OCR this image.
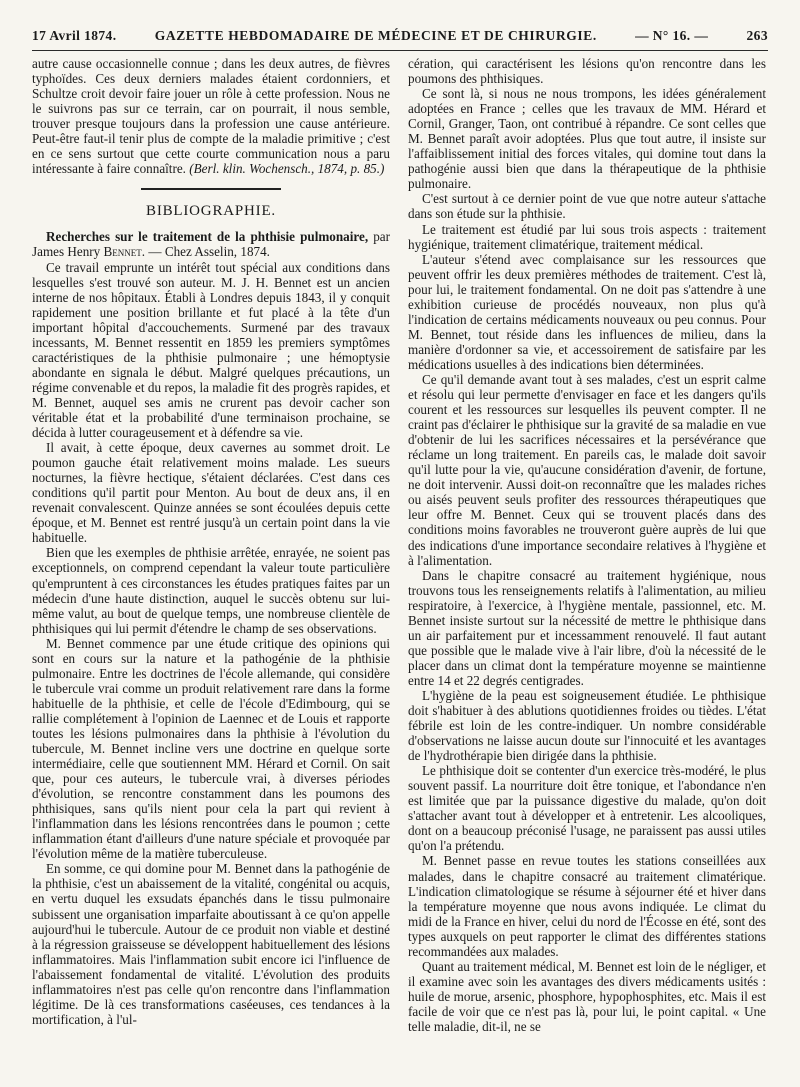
17 Avril 1874.	GAZETTE HEBDOMADAIRE DE MÉDECINE ET DE CHIRURGIE.	— N° 16. —	263

autre cause occasionnelle connue ; dans les deux autres, de fièvres typhoïdes. Ces deux derniers malades étaient cordonniers, et Schultze croit devoir faire jouer un rôle à cette profession. Nous ne le suivrons pas sur ce terrain, car on pourrait, il nous semble, trouver presque toujours dans la profession une cause antérieure. Peut-être faut-il tenir plus de compte de la maladie primitive ; c'est en ce sens surtout que cette courte communication nous a paru intéressante à faire connaître. (Berl. klin. Wochensch., 1874, p. 85.)

BIBLIOGRAPHIE.

Recherches sur le traitement de la phthisie pulmonaire, par James Henry Bennet. — Chez Asselin, 1874.

Ce travail emprunte un intérêt tout spécial aux conditions dans lesquelles s'est trouvé son auteur. M. J. H. Bennet est un ancien interne de nos hôpitaux. Établi à Londres depuis 1843, il y conquit rapidement une position brillante et fut placé à la tête d'un important hôpital d'accouchements. Surmené par des travaux incessants, M. Bennet ressentit en 1859 les premiers symptômes caractéristiques de la phthisie pulmonaire ; une hémoptysie abondante en signala le début. Malgré quelques précautions, un régime convenable et du repos, la maladie fit des progrès rapides, et M. Bennet, auquel ses amis ne crurent pas devoir cacher son véritable état et la probabilité d'une terminaison prochaine, se décida à lutter courageusement et à défendre sa vie.

Il avait, à cette époque, deux cavernes au sommet droit. Le poumon gauche était relativement moins malade. Les sueurs nocturnes, la fièvre hectique, s'étaient déclarées. C'est dans ces conditions qu'il partit pour Menton. Au bout de deux ans, il en revenait convalescent. Quinze années se sont écoulées depuis cette époque, et M. Bennet est rentré jusqu'à un certain point dans la vie habituelle.

Bien que les exemples de phthisie arrêtée, enrayée, ne soient pas exceptionnels, on comprend cependant la valeur toute particulière qu'empruntent à ces circonstances les études pratiques faites par un médecin d'une haute distinction, auquel le succès obtenu sur lui-même valut, au bout de quelque temps, une nombreuse clientèle de phthisiques qui lui permit d'étendre le champ de ses observations.

M. Bennet commence par une étude critique des opinions qui sont en cours sur la nature et la pathogénie de la phthisie pulmonaire. Entre les doctrines de l'école allemande, qui considère le tubercule vrai comme un produit relativement rare dans la forme habituelle de la phthisie, et celle de l'école d'Edimbourg, qui se rallie complétement à l'opinion de Laennec et de Louis et rapporte toutes les lésions pulmonaires dans la phthisie à l'évolution du tubercule, M. Bennet incline vers une doctrine en quelque sorte intermédiaire, celle que soutiennent MM. Hérard et Cornil. On sait que, pour ces auteurs, le tubercule vrai, à diverses périodes d'évolution, se rencontre constamment dans les poumons des phthisiques, sans qu'ils nient pour cela la part qui revient à l'inflammation dans les lésions rencontrées dans le poumon ; cette inflammation étant d'ailleurs d'une nature spéciale et provoquée par l'évolution même de la matière tuberculeuse.

En somme, ce qui domine pour M. Bennet dans la pathogénie de la phthisie, c'est un abaissement de la vitalité, congénital ou acquis, en vertu duquel les exsudats épanchés dans le tissu pulmonaire subissent une organisation imparfaite aboutissant à ce qu'on appelle aujourd'hui le tubercule. Autour de ce produit non viable et destiné à la régression graisseuse se développent habituellement des lésions inflammatoires. Mais l'inflammation subit encore ici l'influence de l'abaissement fondamental de vitalité. L'évolution des produits inflammatoires n'est pas celle qu'on rencontre dans l'inflammation légitime. De là ces transformations caséeuses, ces tendances à la mortification, à l'ul-

cération, qui caractérisent les lésions qu'on rencontre dans les poumons des phthisiques.

Ce sont là, si nous ne nous trompons, les idées généralement adoptées en France ; celles que les travaux de MM. Hérard et Cornil, Granger, Taon, ont contribué à répandre. Ce sont celles que M. Bennet paraît avoir adoptées. Plus que tout autre, il insiste sur l'affaiblissement initial des forces vitales, qui domine tout dans la pathogénie aussi bien que dans la thérapeutique de la phthisie pulmonaire.

C'est surtout à ce dernier point de vue que notre auteur s'attache dans son étude sur la phthisie.

Le traitement est étudié par lui sous trois aspects : traitement hygiénique, traitement climatérique, traitement médical.

L'auteur s'étend avec complaisance sur les ressources que peuvent offrir les deux premières méthodes de traitement. C'est là, pour lui, le traitement fondamental. On ne doit pas s'attendre à une exhibition curieuse de procédés nouveaux, non plus qu'à l'indication de certains médicaments nouveaux ou peu connus. Pour M. Bennet, tout réside dans les influences de milieu, dans la manière d'ordonner sa vie, et accessoirement de satisfaire par les médications usuelles à des indications bien déterminées.

Ce qu'il demande avant tout à ses malades, c'est un esprit calme et résolu qui leur permette d'envisager en face et les dangers qu'ils courent et les ressources sur lesquelles ils peuvent compter. Il ne craint pas d'éclairer le phthisique sur la gravité de sa maladie en vue d'obtenir de lui les sacrifices nécessaires et la persévérance que réclame un long traitement. En pareils cas, le malade doit savoir qu'il lutte pour la vie, qu'aucune considération d'avenir, de fortune, ne doit intervenir. Aussi doit-on reconnaître que les malades riches ou aisés peuvent seuls profiter des ressources thérapeutiques que leur offre M. Bennet. Ceux qui se trouvent placés dans des conditions moins favorables ne trouveront guère auprès de lui que des indications d'une importance secondaire relatives à l'hygiène et à l'alimentation.

Dans le chapitre consacré au traitement hygiénique, nous trouvons tous les renseignements relatifs à l'alimentation, au milieu respiratoire, à l'exercice, à l'hygiène mentale, passionnel, etc. M. Bennet insiste surtout sur la nécessité de mettre le phthisique dans un air parfaitement pur et incessamment renouvelé. Il faut autant que possible que le malade vive à l'air libre, d'où la nécessité de le placer dans un climat dont la température moyenne se maintienne entre 14 et 22 degrés centigrades.

L'hygiène de la peau est soigneusement étudiée. Le phthisique doit s'habituer à des ablutions quotidiennes froides ou tièdes. L'état fébrile est loin de les contre-indiquer. Un nombre considérable d'observations ne laisse aucun doute sur l'innocuité et les avantages de l'hydrothérapie bien dirigée dans la phthisie.

Le phthisique doit se contenter d'un exercice très-modéré, le plus souvent passif. La nourriture doit être tonique, et l'abondance n'en est limitée que par la puissance digestive du malade, qu'on doit s'attacher avant tout à développer et à entretenir. Les alcooliques, dont on a beaucoup préconisé l'usage, ne paraissent pas aussi utiles qu'on l'a prétendu.

M. Bennet passe en revue toutes les stations conseillées aux malades, dans le chapitre consacré au traitement climatérique. L'indication climatologique se résume à séjourner été et hiver dans la température moyenne que nous avons indiquée. Le climat du midi de la France en hiver, celui du nord de l'Écosse en été, sont des types auxquels on peut rapporter le climat des différentes stations recommandées aux malades.

Quant au traitement médical, M. Bennet est loin de le négliger, et il examine avec soin les avantages des divers médicaments usités : huile de morue, arsenic, phosphore, hypophosphites, etc. Mais il est facile de voir que ce n'est pas là, pour lui, le point capital. « Une telle maladie, dit-il, ne se
